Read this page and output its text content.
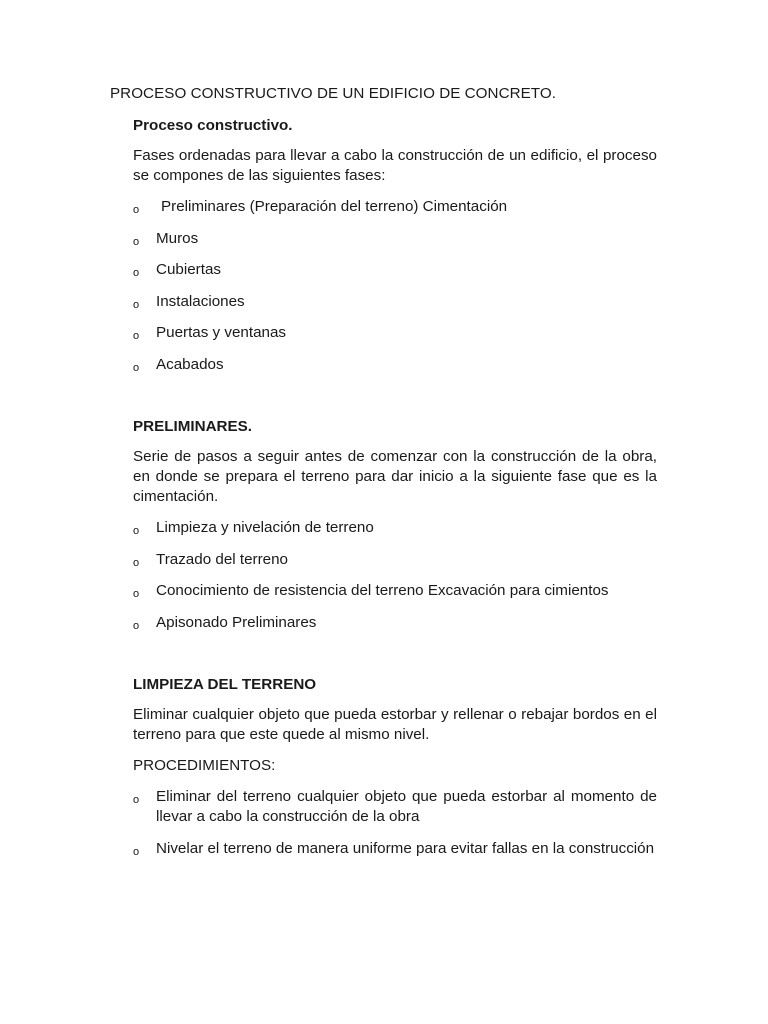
PROCESO CONSTRUCTIVO DE UN EDIFICIO DE CONCRETO.
Proceso constructivo.

Fases ordenadas para llevar a cabo la construcción de un edificio, el proceso se compones de las siguientes fases:

o Preliminares (Preparación del terreno) Cimentación
o Muros
o Cubiertas
o Instalaciones
o Puertas y ventanas
o Acabados
PRELIMINARES.

Serie de pasos a seguir antes de comenzar con la construcción de la obra, en donde se prepara el terreno para dar inicio a la siguiente fase que es la cimentación.

o Limpieza y nivelación de terreno
o Trazado del terreno
o Conocimiento de resistencia del terreno Excavación para cimientos
o Apisonado Preliminares
LIMPIEZA DEL TERRENO

Eliminar cualquier objeto que pueda estorbar y rellenar o rebajar bordos en el terreno para que este quede al mismo nivel.

PROCEDIMIENTOS:
o Eliminar del terreno cualquier objeto que pueda estorbar al momento de llevar a cabo la construcción de la obra
o Nivelar el terreno de manera uniforme para evitar fallas en la construcción
